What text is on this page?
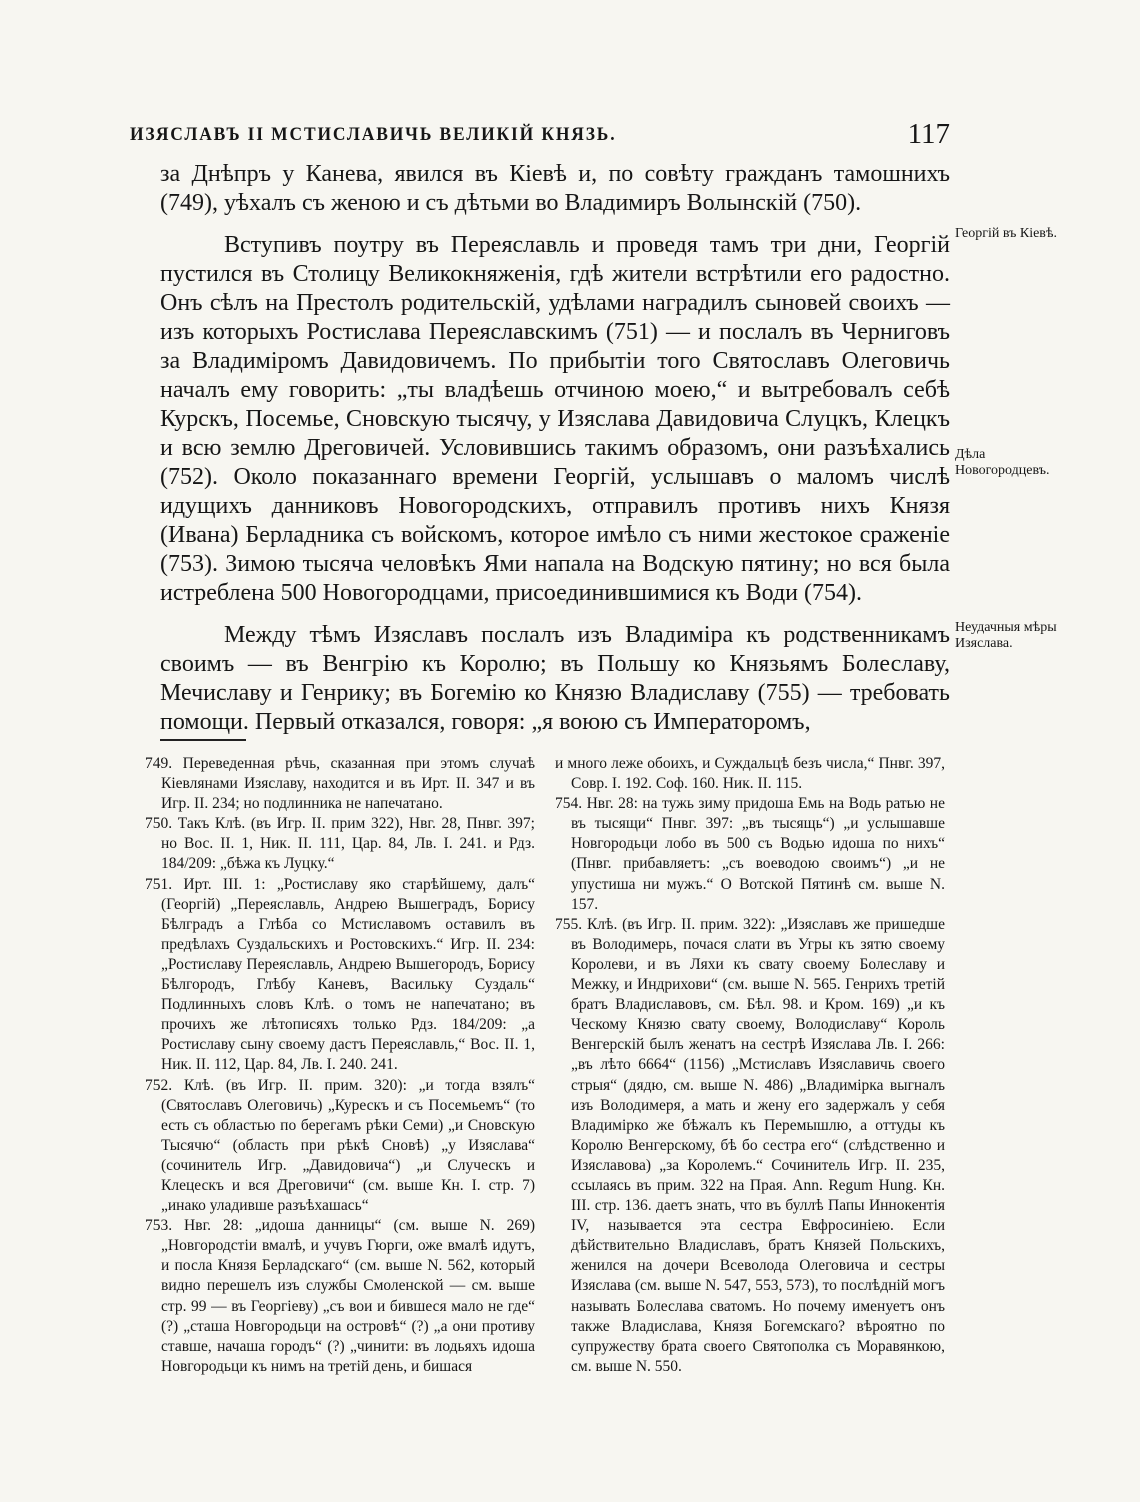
ИЗЯСЛАВЪ II МСТИСЛАВИЧЬ ВЕЛИКІЙ КНЯЗЬ.	117

за Днѣпръ у Канева, явился въ Кіевѣ и, по совѣту гражданъ тамошнихъ (749), уѣхалъ съ женою и съ дѣтьми во Владимиръ Волынскій (750).

Вступивъ поутру въ Переяславль и проведя тамъ три дни, Георгій пустился въ Столицу Великокняженія, гдѣ жители встрѣтили его радостно. Онъ сѣлъ на Престолъ родительскій, удѣлами наградилъ сыновей своихъ — изъ которыхъ Ростислава Переяславскимъ (751) — и послалъ въ Черниговъ за Владиміромъ Давидовичемъ. По прибытіи того Святославъ Олеговичь началъ ему говорить: „ты владѣешь отчиною моею,“ и вытребовалъ себѣ Курскъ, Посемье, Сновскую тысячу, у Изяслава Давидовича Слуцкъ, Клецкъ и всю землю Дреговичей. Условившись такимъ образомъ, они разъѣхались (752). Около показаннаго времени Георгій, услышавъ о маломъ числѣ идущихъ данниковъ Новогородскихъ, отправилъ противъ нихъ Князя (Ивана) Берладника съ войскомъ, которое имѣло съ ними жестокое сраженіе (753). Зимою тысяча человѣкъ Ями напала на Водскую пятину; но вся была истреблена 500 Новогородцами, присоединившимися къ Води (754).

Между тѣмъ Изяславъ послалъ изъ Владиміра къ родственникамъ своимъ — въ Венгрію къ Королю; въ Польшу ко Князьямъ Болеславу, Мечиславу и Генрику; въ Богемію ко Князю Владиславу (755) — требовать помощи. Первый отказался, говоря: „я воюю съ Императоромъ,

Георгій въ Кіевѣ.
Дѣла Новогородцевъ.
Неудачныя мѣры Изяслава.

749. Переведенная рѣчь, сказанная при этомъ случаѣ Кіевлянами Изяславу, находится и въ Ирт. II. 347 и въ Игр. II. 234; но подлинника не напечатано.

750. Такъ Клѣ. (въ Игр. II. прим 322), Нвг. 28, Пнвг. 397; но Вос. II. 1, Ник. II. 111, Цар. 84, Лв. I. 241. и Рдз. 184/209: „бѣжа къ Луцку.“

751. Ирт. III. 1: „Ростиславу яко старѣйшему, далъ“ (Георгій) „Переяславль, Андрею Вышеградъ, Борису Бѣлградъ а Глѣба со Мстиславомъ оставилъ въ предѣлахъ Суздальскихъ и Ростовскихъ.“ Игр. II. 234: „Ростиславу Переяславль, Андрею Вышегородъ, Борису Бѣлгородъ, Глѣбу Каневъ, Васильку Суздаль“ Подлинныхъ словъ Клѣ. о томъ не напечатано; въ прочихъ же лѣтописяхъ только Рдз. 184/209: „а Ростиславу сыну своему дастъ Переяславль,“ Вос. II. 1, Ник. II. 112, Цар. 84, Лв. I. 240. 241.

752. Клѣ. (въ Игр. II. прим. 320): „и тогда взялъ“ (Святославъ Олеговичь) „Курескъ и съ Посемьемъ“ (то есть съ областью по берегамъ рѣки Семи) „и Сновскую Тысячю“ (область при рѣкѣ Сновѣ) „у Изяслава“ (сочинитель Игр. „Давидовича“) „и Случескъ и Клецескъ и вся Дреговичи“ (см. выше Кн. I. стр. 7) „инако уладивше разъѣхашась“

753. Нвг. 28: „идоша данницы“ (см. выше N. 269) „Новгородстіи вмалѣ, и учувъ Гюрги, оже вмалѣ идутъ, и посла Князя Берладскаго“ (см. выше N. 562, который видно перешелъ изъ службы Смоленской — см. выше стр. 99 — въ Георгіеву) „съ вои и бившеся мало не где“ (?) „сташа Новгородьци на островѣ“ (?) „а они противу ставше, начаша городъ“ (?) „чинити: въ лодьяхъ идоша Новгородьци къ нимъ на третій день, и бишася

и много леже обоихъ, и Суждальцѣ безъ числа,“ Пнвг. 397, Совр. I. 192. Соф. 160. Ник. II. 115.

754. Нвг. 28: на тужь зиму придоша Емь на Водь ратью не въ тысящи“ Пнвг. 397: „въ тысящь“) „и услышавше Новгородьци лобо въ 500 съ Водью идоша по нихъ“ (Пнвг. прибавляетъ: „съ воеводою своимъ“) „и не упустиша ни мужъ.“ О Вотской Пятинѣ см. выше N. 157.

755. Клѣ. (въ Игр. II. прим. 322): „Изяславъ же пришедше въ Володимерь, почася слати въ Угры къ зятю своему Королеви, и въ Ляхи къ свату своему Болеславу и Межку, и Индрихови“ (см. выше N. 565. Генрихъ третій братъ Владиславовъ, см. Бѣл. 98. и Кром. 169) „и къ Ческому Князю свату своему, Володиславу“ Король Венгерскій былъ женатъ на сестрѣ Изяслава Лв. I. 266: „въ лѣто 6664“ (1156) „Мстиславъ Изяславичь своего стрыя“ (дядю, см. выше N. 486) „Владимірка выгналъ изъ Володимеря, а мать и жену его задержалъ у себя Владимірко же бѣжалъ къ Перемышлю, а оттуды къ Королю Венгерскому, бѣ бо сестра его“ (слѣдственно и Изяславова) „за Королемъ.“ Сочинитель Игр. II. 235, ссылаясь въ прим. 322 на Прая. Ann. Regum Hung. Кн. III. стр. 136. даетъ знать, что въ буллѣ Папы Иннокентія IV, называется эта сестра Евфросиніею. Если дѣйствительно Владиславъ, братъ Князей Польскихъ, женился на дочери Всеволода Олеговича и сестры Изяслава (см. выше N. 547, 553, 573), то послѣдній могъ называть Болеслава сватомъ. Но почему именуетъ онъ также Владислава, Князя Богемскаго? вѣроятно по супружеству брата своего Святополка съ Моравянкою, см. выше N. 550.
